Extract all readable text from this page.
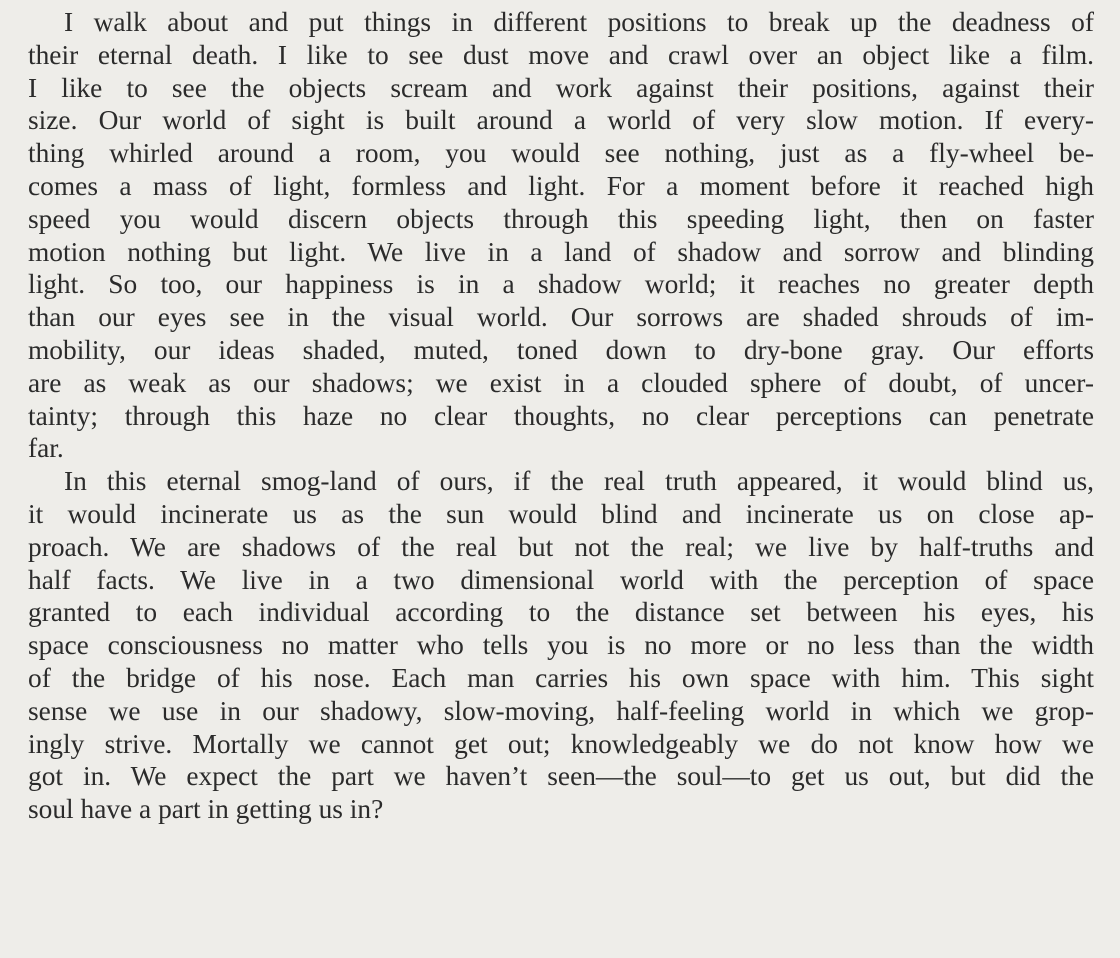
I walk about and put things in different positions to break up the deadness of
their eternal death. I like to see dust move and crawl over an object like a film.
I like to see the objects scream and work against their positions, against their
size. Our world of sight is built around a world of very slow motion. If every-
thing whirled around a room, you would see nothing, just as a fly-wheel be-
comes a mass of light, formless and light. For a moment before it reached high
speed you would discern objects through this speeding light, then on faster
motion nothing but light. We live in a land of shadow and sorrow and blinding
light. So too, our happiness is in a shadow world; it reaches no greater depth
than our eyes see in the visual world. Our sorrows are shaded shrouds of im-
mobility, our ideas shaded, muted, toned down to dry-bone gray. Our efforts
are as weak as our shadows; we exist in a clouded sphere of doubt, of uncer-
tainty; through this haze no clear thoughts, no clear perceptions can penetrate
far.
In this eternal smog-land of ours, if the real truth appeared, it would blind us,
it would incinerate us as the sun would blind and incinerate us on close ap-
proach. We are shadows of the real but not the real; we live by half-truths and
half facts. We live in a two dimensional world with the perception of space
granted to each individual according to the distance set between his eyes, his
space consciousness no matter who tells you is no more or no less than the width
of the bridge of his nose. Each man carries his own space with him. This sight
sense we use in our shadowy, slow-moving, half-feeling world in which we grop-
ingly strive. Mortally we cannot get out; knowledgeably we do not know how we
got in. We expect the part we haven’t seen—the soul—to get us out, but did the
soul have a part in getting us in?
